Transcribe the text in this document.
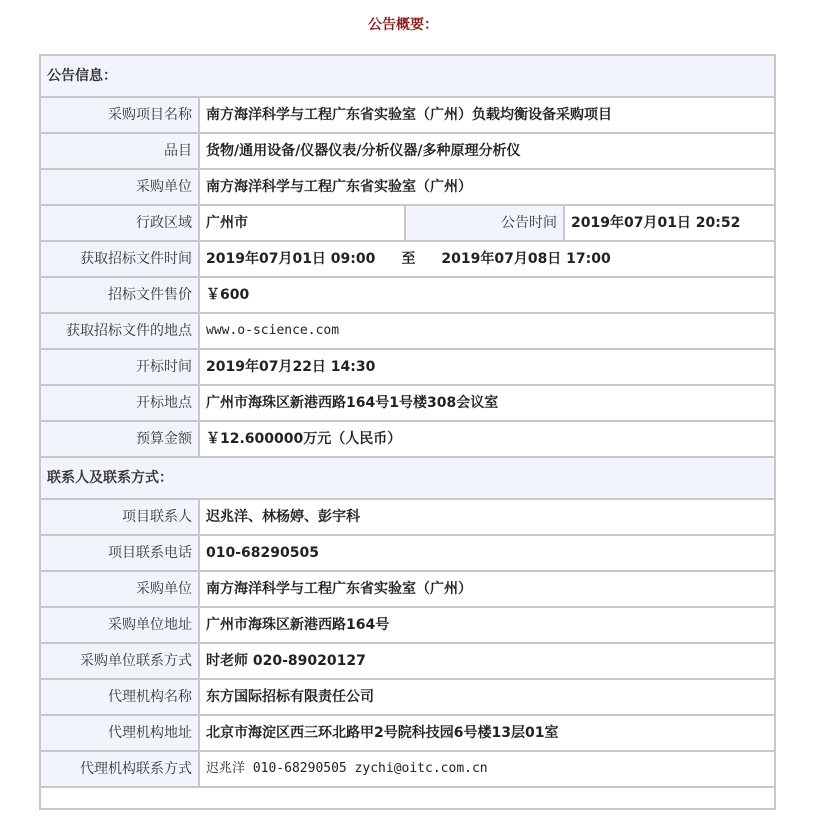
公告概要：
公告信息：			
采购项目名称	南方海洋科学与工程广东省实验室（广州）负载均衡设备采购项目		
品目	货物/通用设备/仪器仪表/分析仪器/多种原理分析仪		
采购单位	南方海洋科学与工程广东省实验室（广州）		
行政区域	广州市	公告时间	2019年07月01日 20:52
获取招标文件时间	2019年07月01日 09:00 至 2019年07月08日 17:00		
招标文件售价	￥600		
获取招标文件的地点	www.o-science.com		
开标时间	2019年07月22日 14:30		
开标地点	广州市海珠区新港西路164号1号楼308会议室		
预算金额	￥12.600000万元（人民币）		
联系人及联系方式：			
项目联系人	迟兆洋、林杨婷、彭宇科		
项目联系电话	010-68290505		
采购单位	南方海洋科学与工程广东省实验室（广州）		
采购单位地址	广州市海珠区新港西路164号		
采购单位联系方式	时老师 020-89020127		
代理机构名称	东方国际招标有限责任公司		
代理机构地址	北京市海淀区西三环北路甲2号院科技园6号楼13层01室		
代理机构联系方式	迟兆洋 010-68290505 zychi@oitc.com.cn		
